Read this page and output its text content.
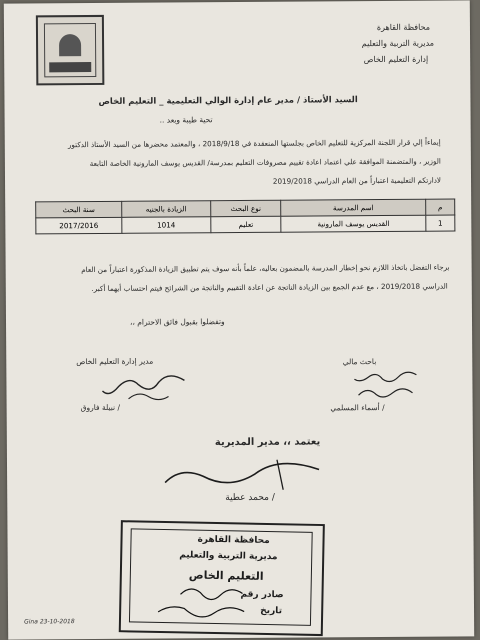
محافظة القاهرة
مديرية التربية والتعليم
إدارة التعليم الخاص
السيد الأستاذ / مدير عام إدارة الوالي التعليمية _ التعليم الخاص
تحية طيبة وبعد ..
إيماءاً إلي قرار اللجنة المركزية للتعليم الخاص بجلستها المنعقدة في 2018/9/18 ، والمعتمد محضرها من السيد الأستاذ الدكتور
الوزير ، والمتضمنة الموافقة علي اعتماد اعادة تقييم مصروفات التعليم بمدرسة/ القديس يوسف المارونية الخاصة التابعة
لادارتكم التعليمية اعتباراً من العام الدراسي 2019/2018
م	اسم المدرسة	نوع البحث	الزيادة بالجنيه	سنة البحث
1	القديس يوسف المارونية	تعليم	1014	2017/2016
برجاء التفضل باتخاذ اللازم نحو إخطار المدرسة بالمضمون بعاليه، علماً بأنه سوف يتم تطبيق الزيادة المذكورة اعتباراً من العام
الدراسي 2019/2018 ، مع عدم الجمع بين الزيادة الناتجة عن اعادة التقييم والناتجة من الشرائح فيتم احتساب أيهما أكبر.
وتفضلوا بقبول فائق الاحترام ،،
باحث مالي
/ أسماء المسلمي
مدير إدارة التعليم الخاص
/ نبيلة فاروق
يعتمد ،، مدير المديرية
/ محمد عطية
محافظة القاهرة
مديرية التربية والتعليم
التعليم الخاص
صادر رقم
تاريخ
Gina 23-10-2018
